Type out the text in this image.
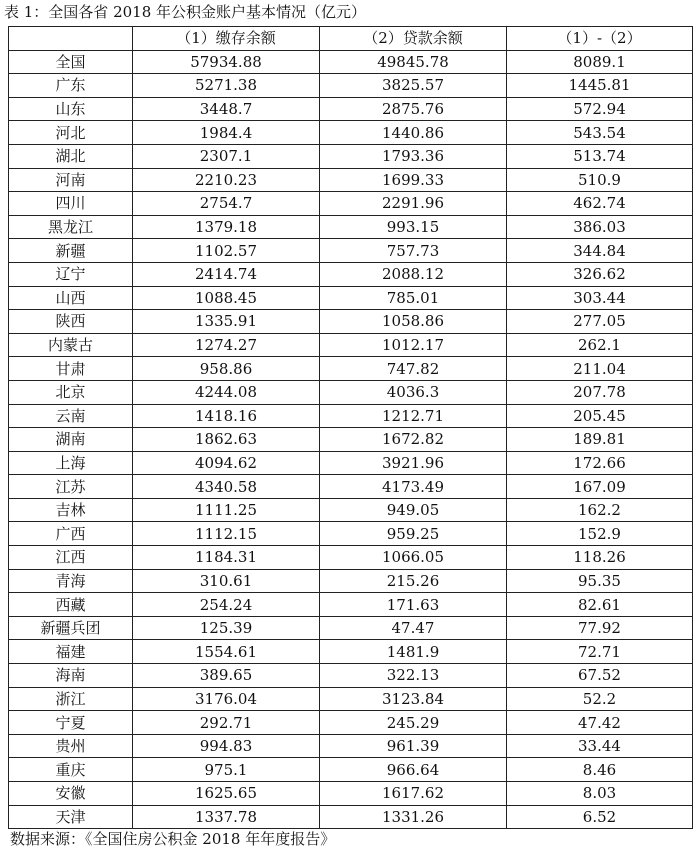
表 1：全国各省 2018 年公积金账户基本情况（亿元）
	（1）缴存余额	（2）贷款余额	（1）-（2）
全国	57934.88	49845.78	8089.1
广东	5271.38	3825.57	1445.81
山东	3448.7	2875.76	572.94
河北	1984.4	1440.86	543.54
湖北	2307.1	1793.36	513.74
河南	2210.23	1699.33	510.9
四川	2754.7	2291.96	462.74
黑龙江	1379.18	993.15	386.03
新疆	1102.57	757.73	344.84
辽宁	2414.74	2088.12	326.62
山西	1088.45	785.01	303.44
陕西	1335.91	1058.86	277.05
内蒙古	1274.27	1012.17	262.1
甘肃	958.86	747.82	211.04
北京	4244.08	4036.3	207.78
云南	1418.16	1212.71	205.45
湖南	1862.63	1672.82	189.81
上海	4094.62	3921.96	172.66
江苏	4340.58	4173.49	167.09
吉林	1111.25	949.05	162.2
广西	1112.15	959.25	152.9
江西	1184.31	1066.05	118.26
青海	310.61	215.26	95.35
西藏	254.24	171.63	82.61
新疆兵团	125.39	47.47	77.92
福建	1554.61	1481.9	72.71
海南	389.65	322.13	67.52
浙江	3176.04	3123.84	52.2
宁夏	292.71	245.29	47.42
贵州	994.83	961.39	33.44
重庆	975.1	966.64	8.46
安徽	1625.65	1617.62	8.03
天津	1337.78	1331.26	6.52
数据来源：《全国住房公积金 2018 年年度报告》
